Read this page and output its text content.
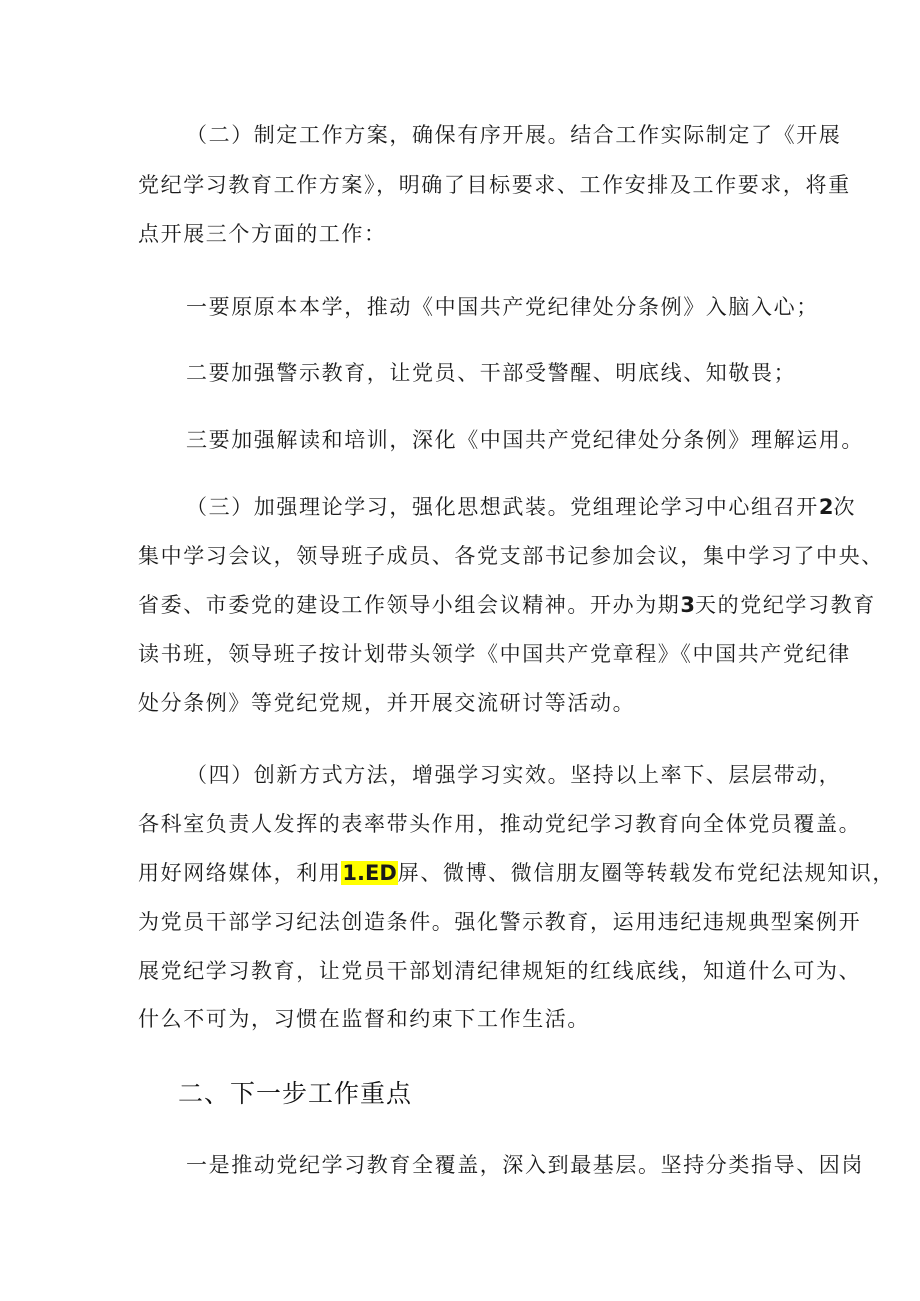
（二）制定工作方案，确保有序开展。结合工作实际制定了《开展
党纪学习教育工作方案》，明确了目标要求、工作安排及工作要求，将重
点开展三个方面的工作：
一要原原本本学，推动《中国共产党纪律处分条例》入脑入心；
二要加强警示教育，让党员、干部受警醒、明底线、知敬畏；
三要加强解读和培训，深化《中国共产党纪律处分条例》理解运用。
（三）加强理论学习，强化思想武装。党组理论学习中心组召开2次
集中学习会议，领导班子成员、各党支部书记参加会议，集中学习了中央、
省委、市委党的建设工作领导小组会议精神。开办为期3天的党纪学习教育
读书班，领导班子按计划带头领学《中国共产党章程》《中国共产党纪律
处分条例》等党纪党规，并开展交流研讨等活动。
（四）创新方式方法，增强学习实效。坚持以上率下、层层带动，
各科室负责人发挥的表率带头作用，推动党纪学习教育向全体党员覆盖。
用好网络媒体，利用1.ED屏、微博、微信朋友圈等转载发布党纪法规知识，
为党员干部学习纪法创造条件。强化警示教育，运用违纪违规典型案例开
展党纪学习教育，让党员干部划清纪律规矩的红线底线，知道什么可为、
什么不可为，习惯在监督和约束下工作生活。
二、下一步工作重点
一是推动党纪学习教育全覆盖，深入到最基层。坚持分类指导、因岗
